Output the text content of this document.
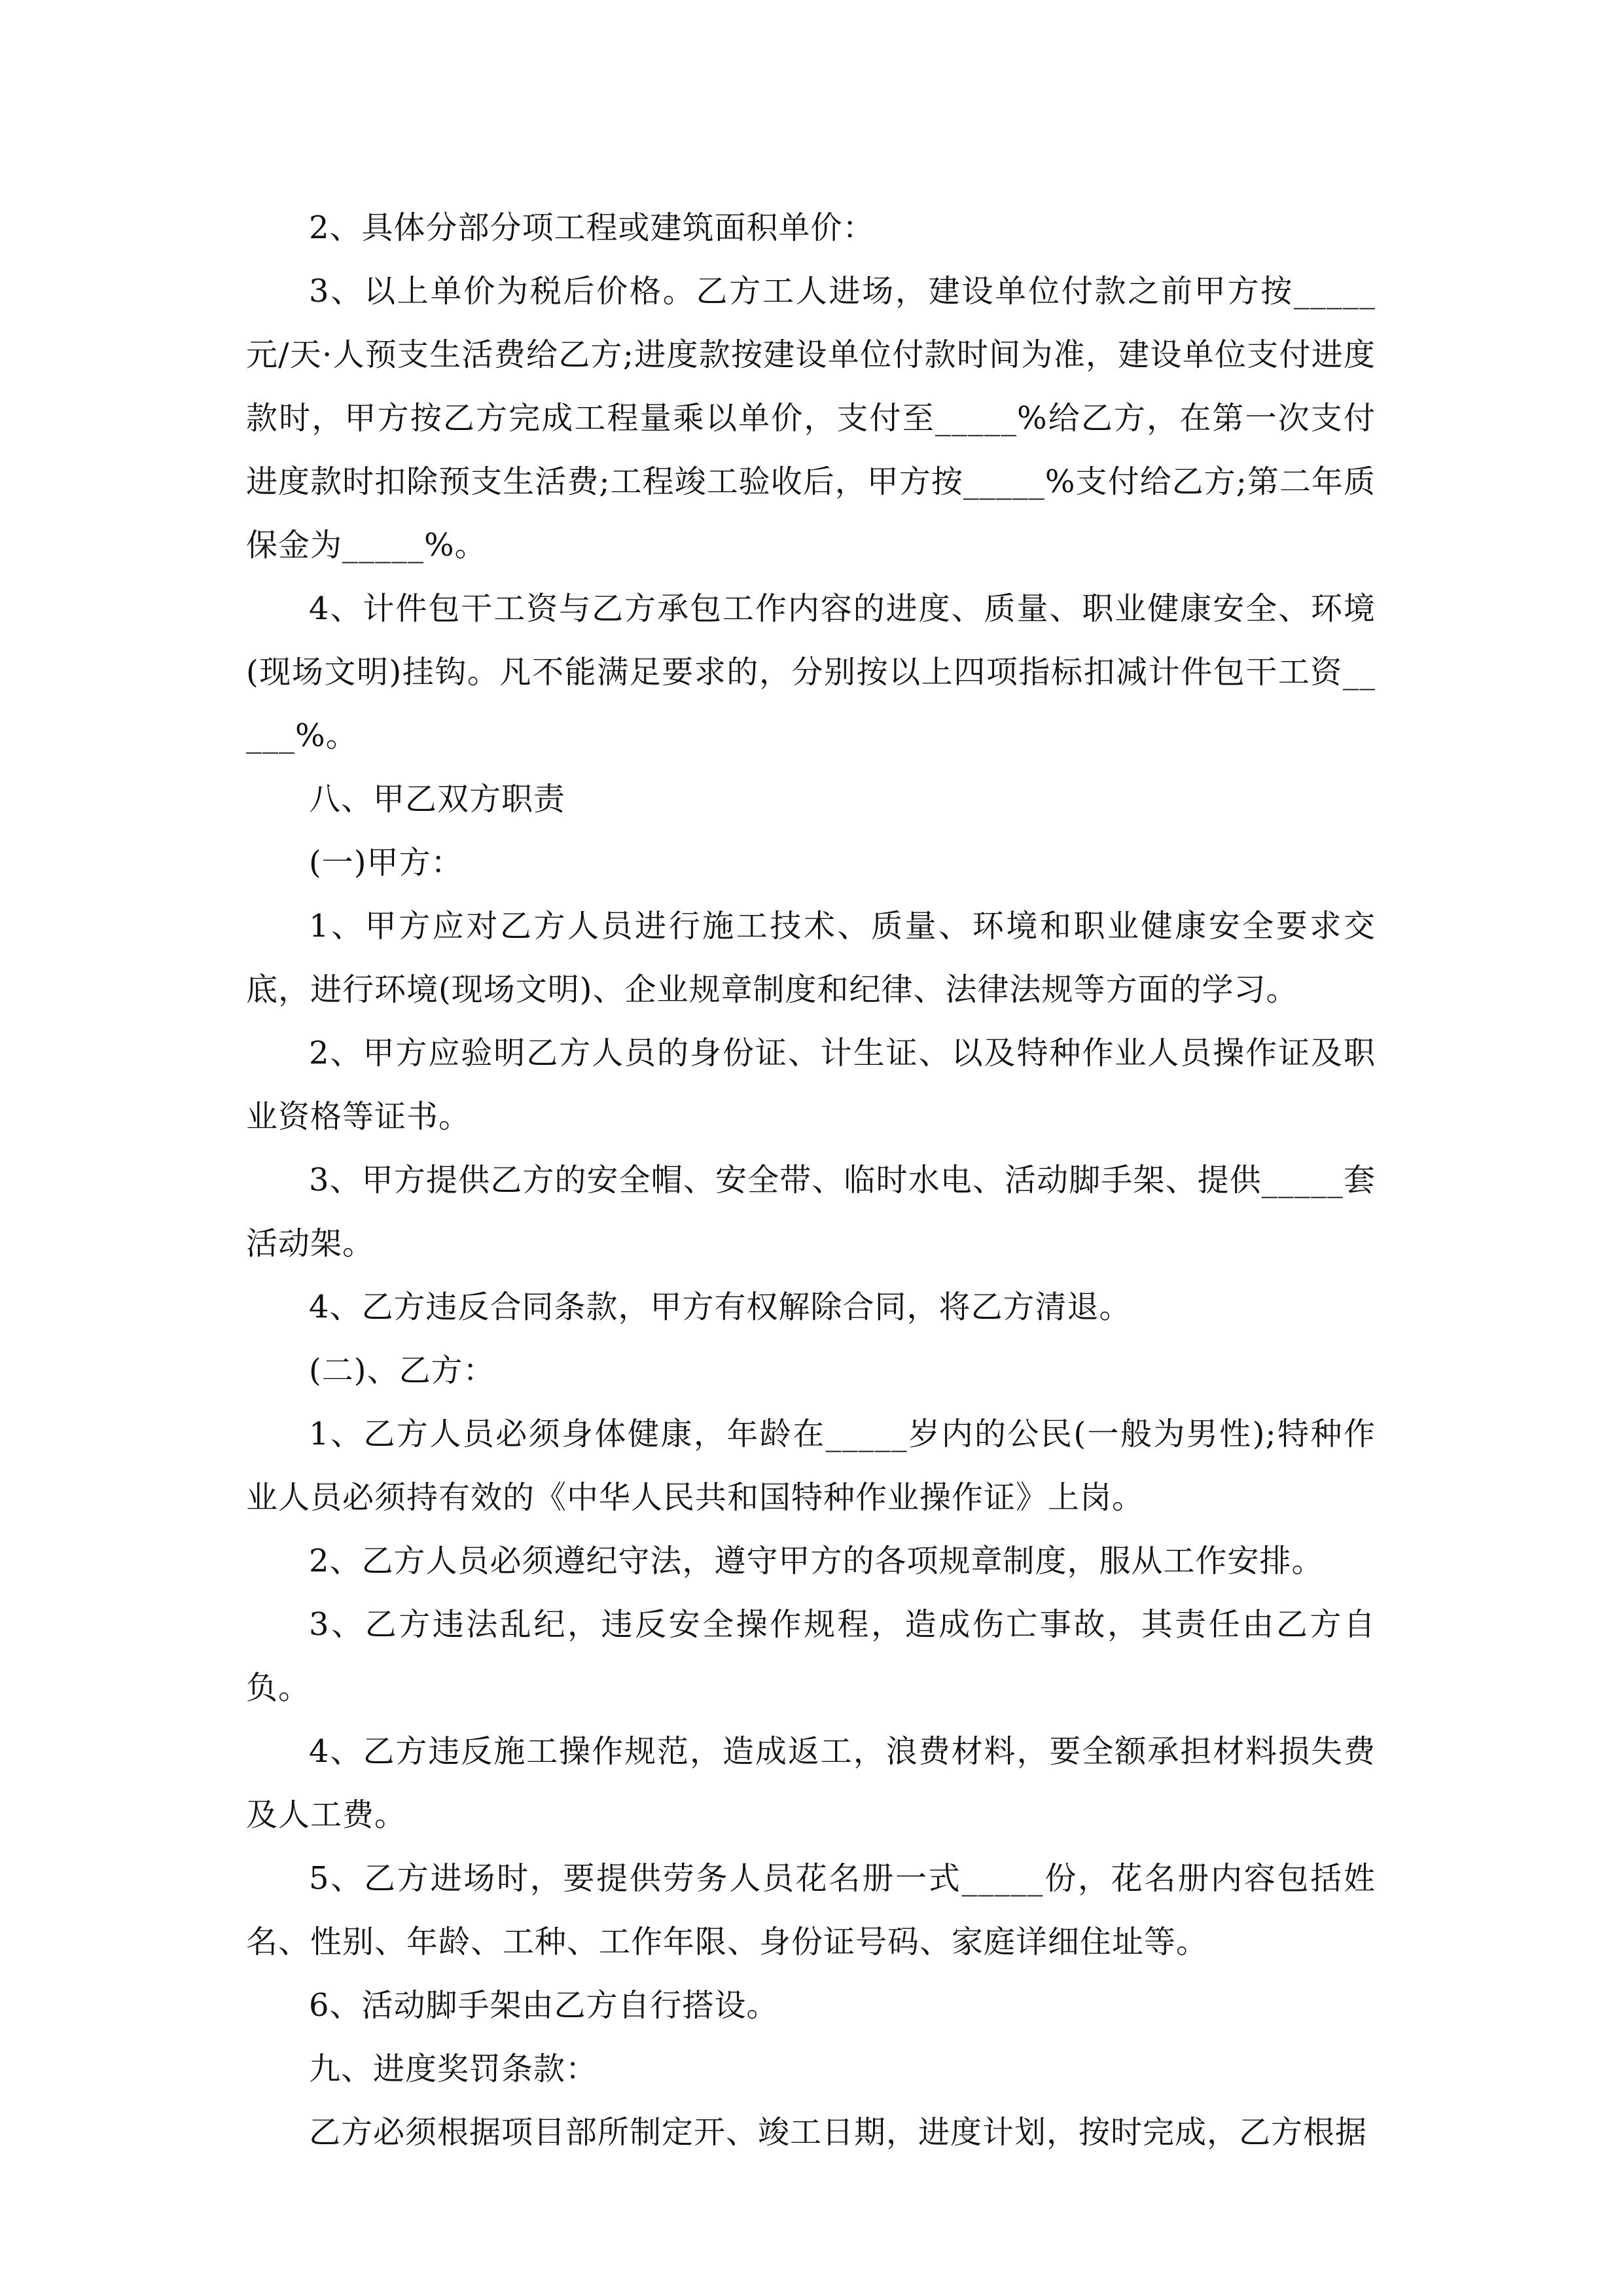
2、具体分部分项工程或建筑面积单价：

3、以上单价为税后价格。乙方工人进场，建设单位付款之前甲方按_____元/天·人预支生活费给乙方;进度款按建设单位付款时间为准，建设单位支付进度款时，甲方按乙方完成工程量乘以单价，支付至_____%给乙方，在第一次支付进度款时扣除预支生活费;工程竣工验收后，甲方按_____%支付给乙方;第二年质保金为_____%。

4、计件包干工资与乙方承包工作内容的进度、质量、职业健康安全、环境(现场文明)挂钩。凡不能满足要求的，分别按以上四项指标扣减计件包干工资_____%。

八、甲乙双方职责

(一)甲方：

1、甲方应对乙方人员进行施工技术、质量、环境和职业健康安全要求交底，进行环境(现场文明)、企业规章制度和纪律、法律法规等方面的学习。

2、甲方应验明乙方人员的身份证、计生证、以及特种作业人员操作证及职业资格等证书。

3、甲方提供乙方的安全帽、安全带、临时水电、活动脚手架、提供_____套活动架。

4、乙方违反合同条款，甲方有权解除合同，将乙方清退。

(二)、乙方：

1、乙方人员必须身体健康，年龄在_____岁内的公民(一般为男性);特种作业人员必须持有效的《中华人民共和国特种作业操作证》上岗。

2、乙方人员必须遵纪守法，遵守甲方的各项规章制度，服从工作安排。

3、乙方违法乱纪，违反安全操作规程，造成伤亡事故，其责任由乙方自负。

4、乙方违反施工操作规范，造成返工，浪费材料，要全额承担材料损失费及人工费。

5、乙方进场时，要提供劳务人员花名册一式_____份，花名册内容包括姓名、性别、年龄、工种、工作年限、身份证号码、家庭详细住址等。

6、活动脚手架由乙方自行搭设。

九、进度奖罚条款：

乙方必须根据项目部所制定开、竣工日期，进度计划，按时完成，乙方根据
